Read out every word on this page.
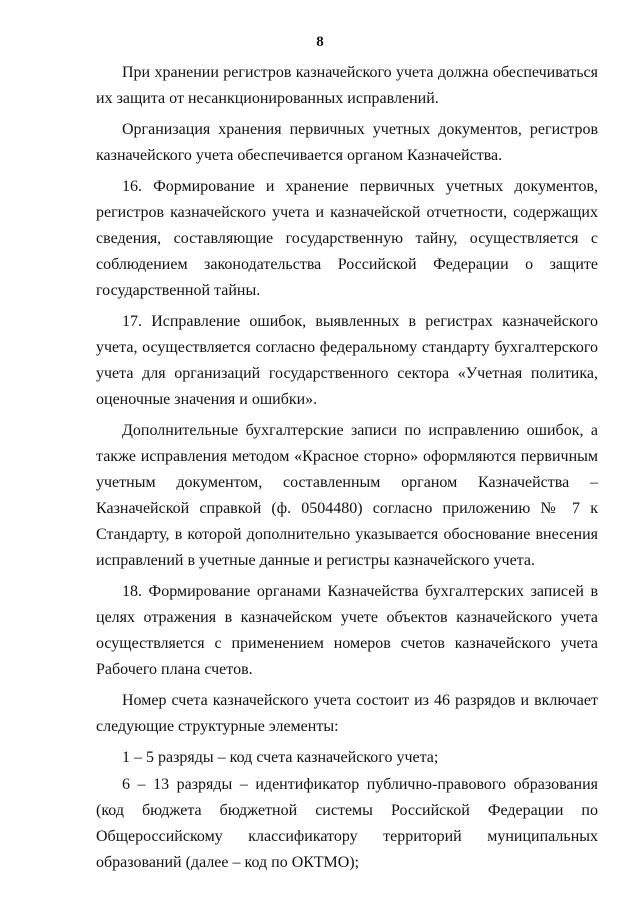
8

При хранении регистров казначейского учета должна обеспечиваться их защита от несанкционированных исправлений.

Организация хранения первичных учетных документов, регистров казначейского учета обеспечивается органом Казначейства.

16. Формирование и хранение первичных учетных документов, регистров казначейского учета и казначейской отчетности, содержащих сведения, составляющие государственную тайну, осуществляется с соблюдением законодательства Российской Федерации о защите государственной тайны.

17. Исправление ошибок, выявленных в регистрах казначейского учета, осуществляется согласно федеральному стандарту бухгалтерского учета для организаций государственного сектора «Учетная политика, оценочные значения и ошибки».

Дополнительные бухгалтерские записи по исправлению ошибок, а также исправления методом «Красное сторно» оформляются первичным учетным документом, составленным органом Казначейства – Казначейской справкой (ф. 0504480) согласно приложению № 7 к Стандарту, в которой дополнительно указывается обоснование внесения исправлений в учетные данные и регистры казначейского учета.

18. Формирование органами Казначейства бухгалтерских записей в целях отражения в казначейском учете объектов казначейского учета осуществляется с применением номеров счетов казначейского учета Рабочего плана счетов.

Номер счета казначейского учета состоит из 46 разрядов и включает следующие структурные элементы:

1 – 5 разряды – код счета казначейского учета;

6 – 13 разряды – идентификатор публично-правового образования (код бюджета бюджетной системы Российской Федерации по Общероссийскому классификатору территорий муниципальных образований (далее – код по ОКТМО);
